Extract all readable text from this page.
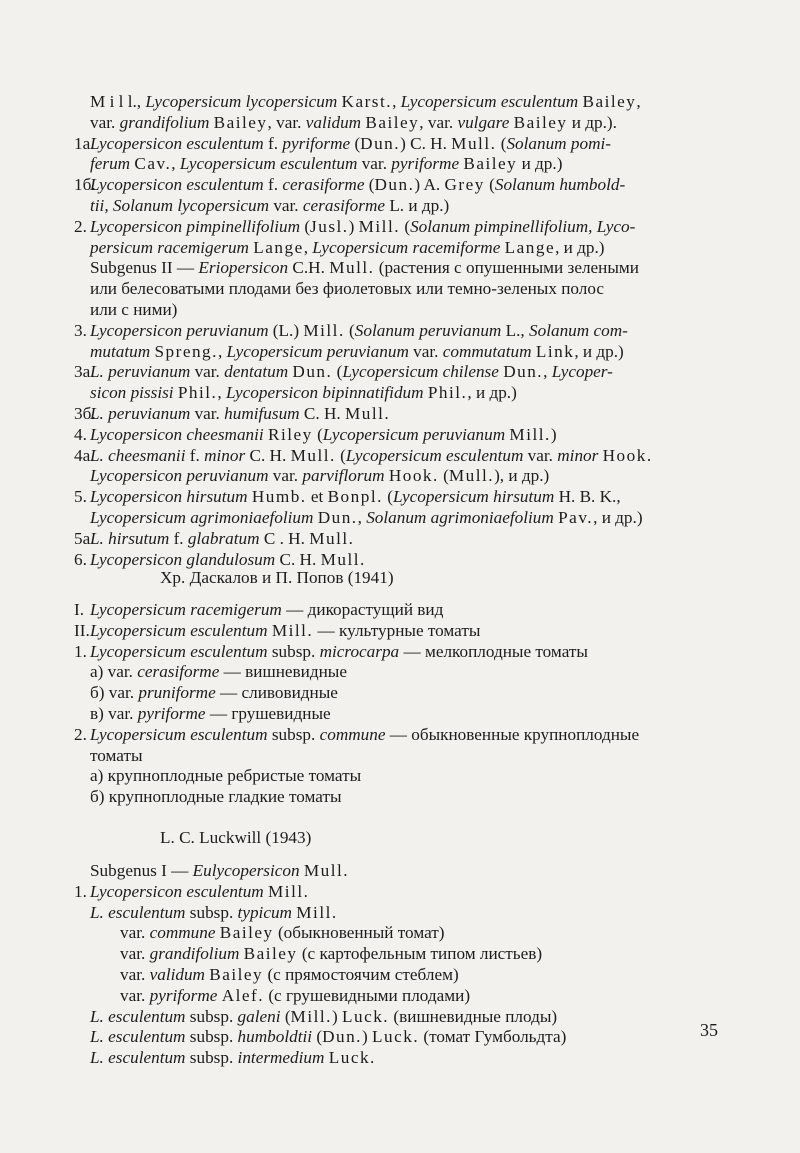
M i l l., Lycopersicum lycopersicum Karst., Lycopersicum esculentum Bailey,
var. grandifolium Bailey, var. validum Bailey, var. vulgare Bailey и др.).
1а.
Lycopersicon esculentum f. pyriforme (Dun.) C. H. Mull. (Solanum pomi-
ferum Cav., Lycopersicum esculentum var. pyriforme Bailey и др.)
1б.
Lycopersicon esculentum f. cerasiforme (Dun.) A. Grey (Solanum humbold-
tii, Solanum lycopersicum var. cerasiforme L. и др.)
2. Lycopersicon pimpinellifolium (Jusl.) Mill. (Solanum pimpinellifolium, Lyco-
persicum racemigerum Lange, Lycopersicum racemiforme Lange, и др.)
Subgenus II — Eriopersicon C.H. Mull. (растения с опушенными зелеными
или белесоватыми плодами без фиолетовых или темно-зеленых полос
или с ними)
3. Lycopersicon peruvianum (L.) Mill. (Solanum peruvianum L., Solanum com-
mutatum Spreng., Lycopersicum peruvianum var. commutatum Link, и др.)
3а.
L. peruvianum var. dentatum Dun. (Lycopersicum chilense Dun., Lycoper-
sicon pissisi Phil., Lycopersicon bipinnatifidum Phil., и др.)
3б.
L. peruvianum var. humifusum C. H. Mull.
4. Lycopersicon cheesmanii Riley (Lycopersicum peruvianum Mill.)
4а.
L. cheesmanii f. minor C. H. Mull. (Lycopersicum esculentum var. minor Hook.
Lycopersicon peruvianum var. parviflorum Hook. (Mull.), и др.)
5. Lycopersicon hirsutum Humb. et Bonpl. (Lycopersicum hirsutum H. B. K.,
Lycopersicum agrimoniaefolium Dun., Solanum agrimoniaefolium Pav., и др.)
5а.
L. hirsutum f. glabratum C . H. Mull.
6. Lycopersicon glandulosum C. H. Mull.
Хр. Даскалов и П. Попов (1941)
I. Lycopersicum racemigerum — дикорастущий вид
II. Lycopersicum esculentum Mill. — культурные томаты
1. Lycopersicum esculentum subsp. microcarpa — мелкоплодные томаты
а) var. cerasiforme — вишневидные
б) var. pruniforme — сливовидные
в) var. pyriforme — грушевидные
2. Lycopersicum esculentum subsp. commune — обыкновенные крупноплодные
томаты
а) крупноплодные ребристые томаты
б) крупноплодные гладкие томаты
L. C. Luckwill (1943)
Subgenus I — Eulycopersicon Mull.
1. Lycopersicon esculentum Mill.
L. esculentum subsp. typicum Mill.
var. commune Bailey (обыкновенный томат)
var. grandifolium Bailey (с картофельным типом листьев)
var. validum Bailey (с прямостоячим стеблем)
var. pyriforme Alef. (с грушевидными плодами)
L. esculentum subsp. galeni (Mill.) Luck. (вишневидные плоды)
L. esculentum subsp. humboldtii (Dun.) Luck. (томат Гумбольдта)
L. esculentum subsp. intermedium Luck.
35
